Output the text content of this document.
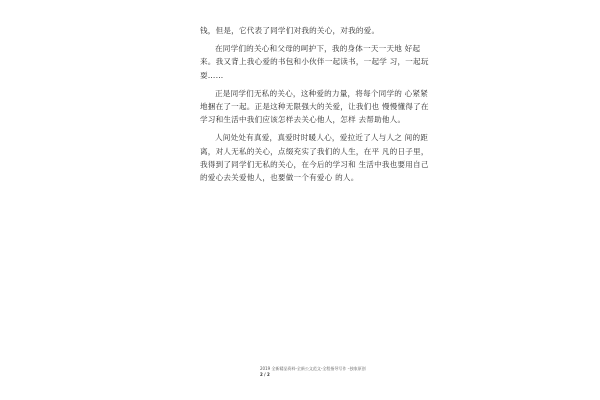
钱，但是，它代表了同学们对我的关心，对我的爱。

在同学们的关心和父母的呵护下，我的身体一天一天地 好起

来。我又背上我心爱的书包和小伙伴一起读书，一起学 习，一起玩

耍……

正是同学们无私的关心，这种爱的力量，将每个同学的 心紧紧

地捆在了一起。正是这种无限强大的关爱，让我们也 慢慢懂得了在

学习和生活中我们应该怎样去关心他人，怎样 去帮助他人。

人间处处有真爱，真爱时时暖人心，爱拉近了人与人之 间的距

离，对人无私的关心，点缀充实了我们的人生，在平 凡的日子里，

我得到了同学们无私的关心，在今后的学习和 生活中我也要用自己

的爱心去关爱他人，也要做一个有爱心 的人。

2019 全新精品资料-全新公文范文-全程指导写作 –独家原创

2 / 2
